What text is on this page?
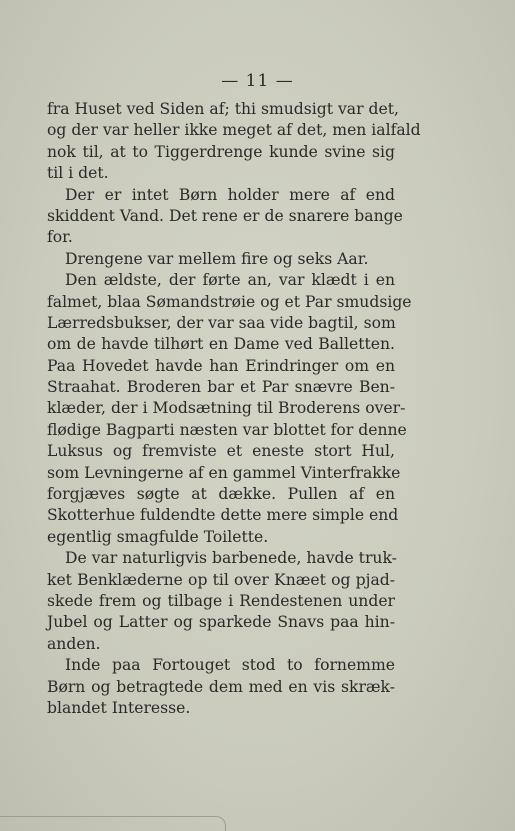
— 11 —
fra Huset ved Siden af; thi smudsigt var det,
og der var heller ikke meget af det, men ialfald
nok til, at to Tiggerdrenge kunde svine sig
til i det.
Der er intet Børn holder mere af end
skiddent Vand. Det rene er de snarere bange
for.
Drengene var mellem fire og seks Aar.
Den ældste, der førte an, var klædt i en
falmet, blaa Sømandstrøie og et Par smudsige
Lærredsbukser, der var saa vide bagtil, som
om de havde tilhørt en Dame ved Balletten.
Paa Hovedet havde han Erindringer om en
Straahat. Broderen bar et Par snævre Ben-
klæder, der i Modsætning til Broderens over-
flødige Bagparti næsten var blottet for denne
Luksus og fremviste et eneste stort Hul,
som Levningerne af en gammel Vinterfrakke
forgjæves søgte at dække. Pullen af en
Skotterhue fuldendte dette mere simple end
egentlig smagfulde Toilette.
De var naturligvis barbenede, havde truk-
ket Benklæderne op til over Knæet og pjad-
skede frem og tilbage i Rendestenen under
Jubel og Latter og sparkede Snavs paa hin-
anden.
Inde paa Fortouget stod to fornemme
Børn og betragtede dem med en vis skræk-
blandet Interesse.
